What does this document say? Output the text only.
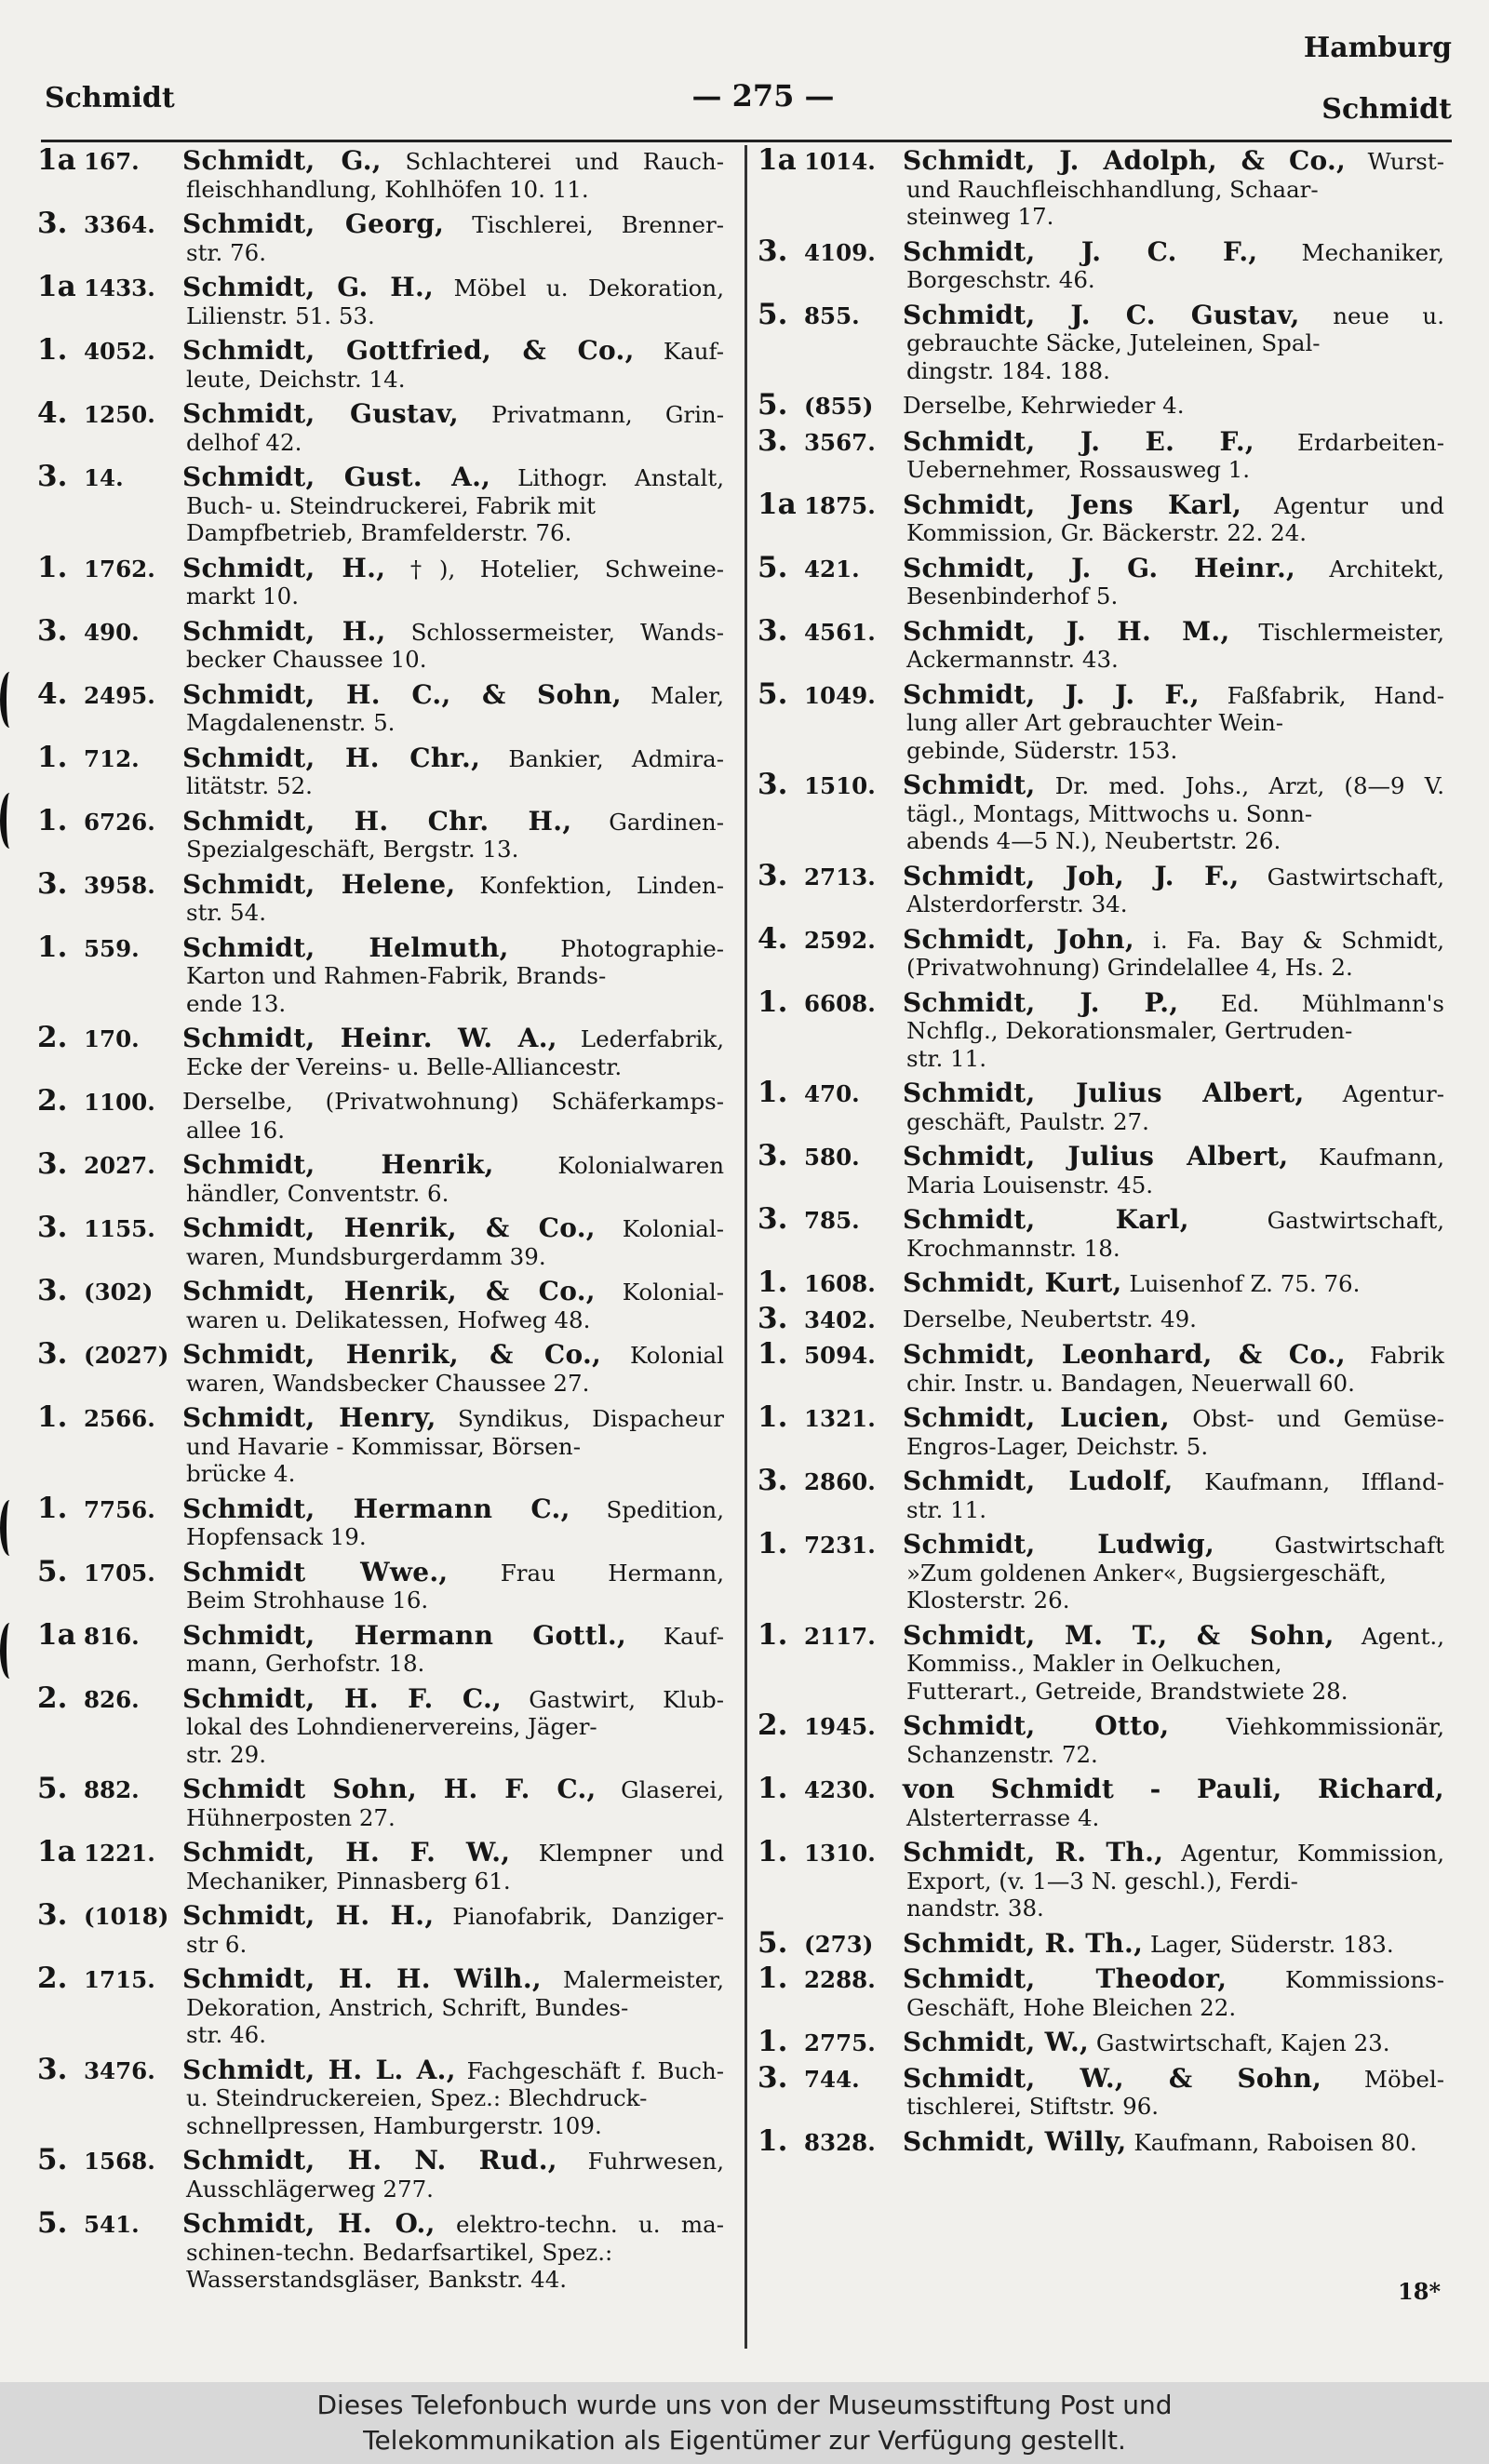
Schmidt	— 275 —
Hamburg
Schmidt
1a 167. Schmidt, G., Schlachterei und Rauch-
fleischhandlung, Kohlhöfen 10. 11.
3. 3364. Schmidt, Georg, Tischlerei, Brenner-
str. 76.
1a 1433. Schmidt, G. H., Möbel u. Dekoration,
Lilienstr. 51. 53.
1. 4052. Schmidt, Gottfried, & Co., Kauf-
leute, Deichstr. 14.
4. 1250. Schmidt, Gustav, Privatmann, Grin-
delhof 42.
3. 14. Schmidt, Gust. A., Lithogr. Anstalt,
Buch- u. Steindruckerei, Fabrik mit
Dampfbetrieb, Bramfelderstr. 76.
1. 1762. Schmidt, H., †), Hotelier, Schweine-
markt 10.
3. 490. Schmidt, H., Schlossermeister, Wands-
becker Chaussee 10.
4. 2495. Schmidt, H. C., & Sohn, Maler,
Magdalenenstr. 5.
1. 712. Schmidt, H. Chr., Bankier, Admira-
litätstr. 52.
1. 6726. Schmidt, H. Chr. H., Gardinen-
Spezialgeschäft, Bergstr. 13.
3. 3958. Schmidt, Helene, Konfektion, Linden-
str. 54.
1. 559. Schmidt, Helmuth, Photographie-
Karton und Rahmen-Fabrik, Brands-
ende 13.
2. 170. Schmidt, Heinr. W. A., Lederfabrik,
Ecke der Vereins- u. Belle-Alliancestr.
2. 1100. Derselbe, (Privatwohnung) Schäferkamps-
allee 16.
3. 2027. Schmidt, Henrik,	Kolonialwaren
händler, Conventstr. 6.
3. 1155. Schmidt, Henrik, & Co., Kolonial-
waren, Mundsburgerdamm 39.
3. (302) Schmidt, Henrik, & Co., Kolonial-
waren u. Delikatessen, Hofweg 48.
3. (2027) Schmidt, Henrik, & Co., Kolonial
waren, Wandsbecker Chaussee 27.
1. 2566. Schmidt, Henry, Syndikus, Dispacheur
und Havarie - Kommissar, Börsen-
brücke 4.
1. 7756. Schmidt, Hermann C., Spedition,
Hopfensack 19.
5. 1705. Schmidt Wwe., Frau Hermann,
Beim Strohhause 16.
1a 816. Schmidt, Hermann Gottl., Kauf-
mann, Gerhofstr. 18.
2. 826. Schmidt, H. F. C., Gastwirt, Klub-
lokal des Lohndienervereins, Jäger-
str. 29.
5. 882. Schmidt Sohn, H. F. C., Glaserei,
Hühnerposten 27.
1a 1221. Schmidt, H. F. W., Klempner und
Mechaniker, Pinnasberg 61.
3. (1018) Schmidt, H. H., Pianofabrik, Danziger-
str 6.
2. 1715. Schmidt, H. H. Wilh., Malermeister,
Dekoration, Anstrich, Schrift, Bundes-
str. 46.
3. 3476. Schmidt, H. L. A., Fachgeschäft f. Buch-
u. Steindruckereien, Spez.: Blechdruck-
schnellpressen, Hamburgerstr. 109.
5. 1568. Schmidt, H. N. Rud., Fuhrwesen,
Ausschlägerweg 277.
5. 541. Schmidt, H. O., elektro-techn. u. ma-
schinen-techn. Bedarfsartikel, Spez.:
Wasserstandsgläser, Bankstr. 44.
1a 1014. Schmidt, J. Adolph, & Co., Wurst-
und Rauchfleischhandlung, Schaar-
steinweg 17.
3. 4109. Schmidt, J. C. F., Mechaniker,
Borgeschstr. 46.
5. 855. Schmidt, J. C. Gustav, neue u.
gebrauchte Säcke, Juteleinen, Spal-
dingstr. 184. 188.
5. (855) Derselbe, Kehrwieder 4.
3. 3567. Schmidt, J. E. F., Erdarbeiten-
Uebernehmer, Rossausweg 1.
1a 1875. Schmidt, Jens Karl, Agentur und
Kommission, Gr. Bäckerstr. 22. 24.
5. 421. Schmidt, J. G. Heinr., Architekt,
Besenbinderhof 5.
3. 4561. Schmidt, J. H. M., Tischlermeister,
Ackermannstr. 43.
5. 1049. Schmidt, J. J. F., Faßfabrik, Hand-
lung aller Art gebrauchter Wein-
gebinde, Süderstr. 153.
3. 1510. Schmidt, Dr. med. Johs., Arzt, (8—9 V.
tägl., Montags, Mittwochs u. Sonn-
abends 4—5 N.), Neubertstr. 26.
3. 2713. Schmidt, Joh, J. F., Gastwirtschaft,
Alsterdorferstr. 34.
4. 2592. Schmidt, John, i. Fa. Bay & Schmidt,
(Privatwohnung) Grindelallee 4, Hs. 2.
1. 6608. Schmidt, J. P., Ed. Mühlmann's
Nchflg., Dekorationsmaler, Gertruden-
str. 11.
1. 470. Schmidt, Julius Albert, Agentur-
geschäft, Paulstr. 27.
3. 580. Schmidt, Julius Albert, Kaufmann,
Maria Louisenstr. 45.
3. 785. Schmidt, Karl,	Gastwirtschaft,
Krochmannstr. 18.
1. 1608. Schmidt, Kurt, Luisenhof Z. 75. 76.
3. 3402. Derselbe, Neubertstr. 49.
1. 5094. Schmidt, Leonhard, & Co., Fabrik
chir. Instr. u. Bandagen, Neuerwall 60.
1. 1321. Schmidt, Lucien, Obst- und Gemüse-
Engros-Lager, Deichstr. 5.
3. 2860. Schmidt, Ludolf, Kaufmann, Iffland-
str. 11.
1. 7231. Schmidt, Ludwig,	Gastwirtschaft
»Zum goldenen Anker«, Bugsiergeschäft,
Klosterstr. 26.
1. 2117. Schmidt, M. T., & Sohn, Agent.,
Kommiss., Makler in Oelkuchen,
Futterart., Getreide, Brandstwiete 28.
2. 1945. Schmidt, Otto,	Viehkommissionär,
Schanzenstr. 72.
1. 4230. von Schmidt - Pauli, Richard,
Alsterterrasse 4.
1. 1310. Schmidt, R. Th., Agentur, Kommission,
Export, (v. 1—3 N. geschl.), Ferdi-
nandstr. 38.
5. (273) Schmidt, R. Th., Lager, Süderstr. 183.
1. 2288. Schmidt, Theodor,	Kommissions-
Geschäft, Hohe Bleichen 22.
1. 2775. Schmidt, W., Gastwirtschaft, Kajen 23.
3. 744. Schmidt, W., & Sohn, Möbel-
tischlerei, Stiftstr. 96.
1. 8328. Schmidt, Willy, Kaufmann, Raboisen 80.
18*
Dieses Telefonbuch wurde uns von der Museumsstiftung Post und
Telekommunikation als Eigentümer zur Verfügung gestellt.
